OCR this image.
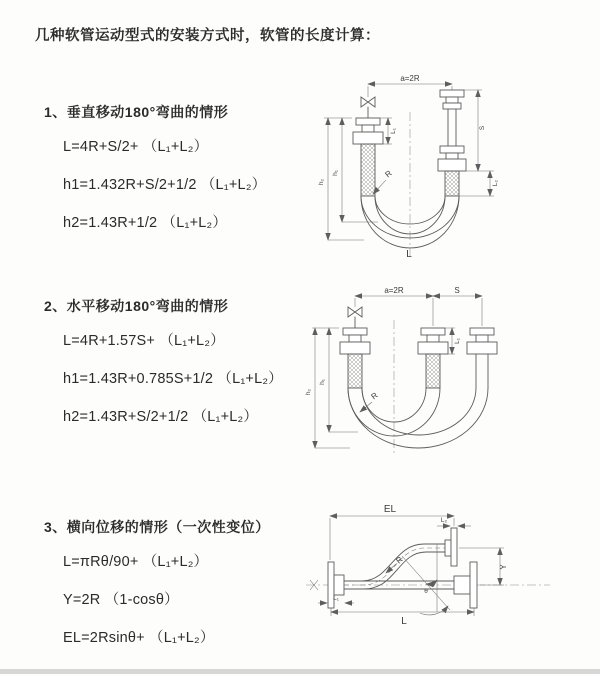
几种软管运动型式的安装方式时，软管的长度计算：
1、垂直移动180°弯曲的情形
L=4R+S/2+ （L₁+L₂）
h1=1.432R+S/2+1/2 （L₁+L₂）
h2=1.43R+1/2 （L₁+L₂）
a=2R
h₁
h₂
L₁
S
L₂
R
L
2、水平移动180°弯曲的情形
L=4R+1.57S+ （L₁+L₂）
h1=1.43R+0.785S+1/2 （L₁+L₂）
h2=1.43R+S/2+1/2 （L₁+L₂）
a=2R	S
h₁
h₂
L₁
R
3、横向位移的情形（一次性变位）
L=πRθ/90+ （L₁+L₂）
Y=2R （1-cosθ）
EL=2Rsinθ+ （L₁+L₂）
EL
L₂
Y
θ
R
L₁
L
